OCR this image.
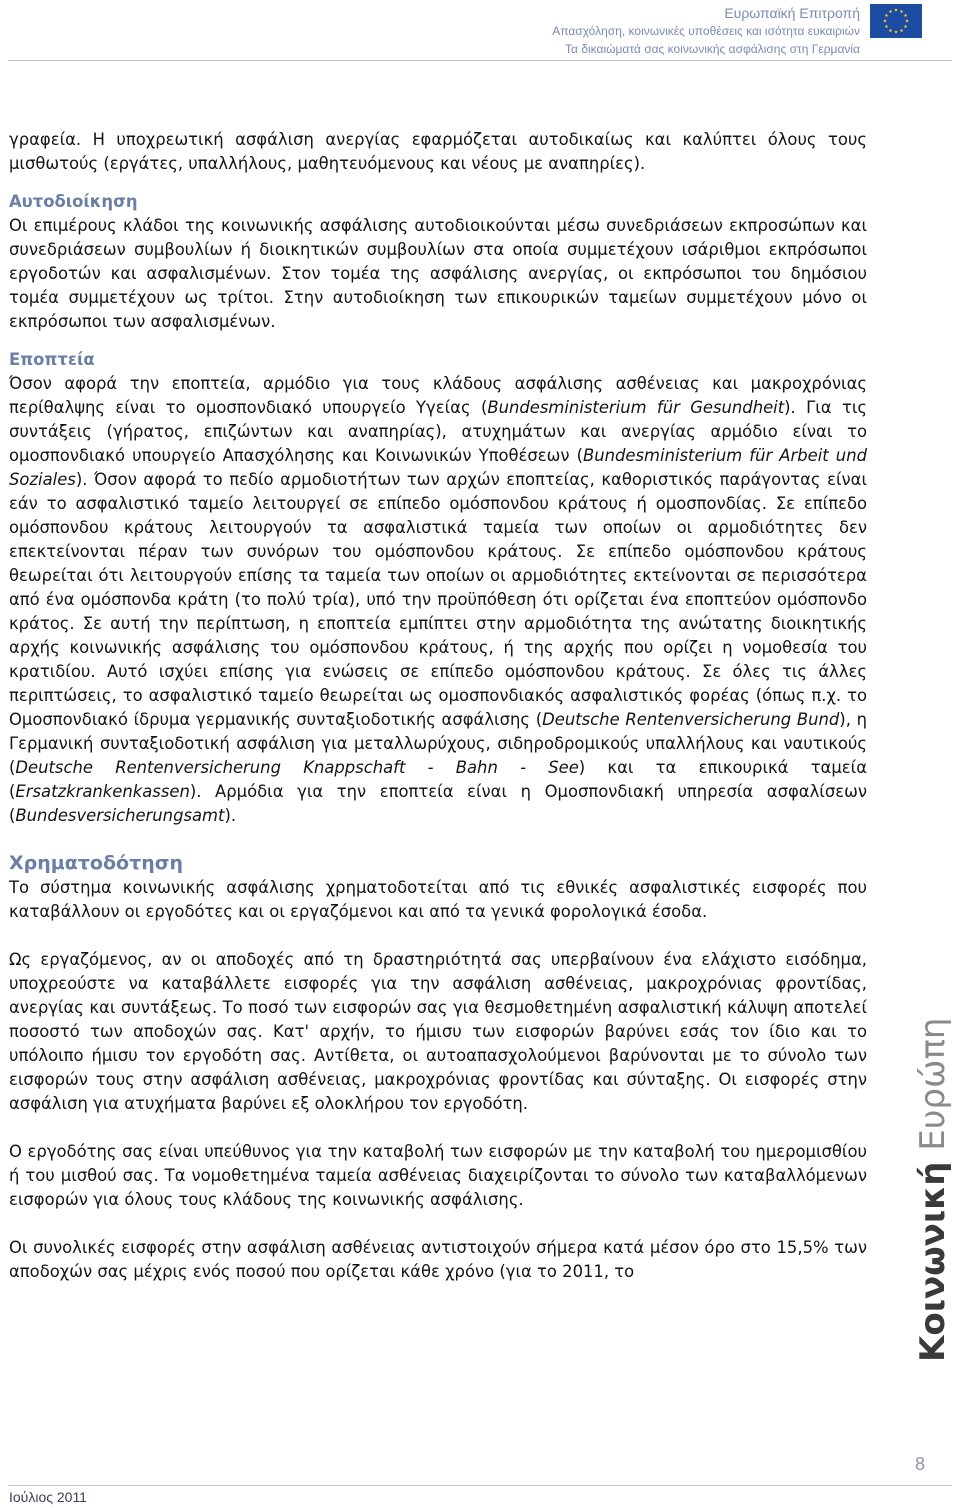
Ευρωπαϊκή Επιτροπή
Απασχόληση, κοινωνικές υποθέσεις και ισότητα ευκαιριών
Τα δικαιώματά σας κοινωνικής ασφάλισης στη Γερμανία

γραφεία. Η υποχρεωτική ασφάλιση ανεργίας εφαρμόζεται αυτοδικαίως και καλύπτει όλους τους μισθωτούς (εργάτες, υπαλλήλους, μαθητευόμενους και νέους με αναπηρίες).

Αυτοδιοίκηση

Οι επιμέρους κλάδοι της κοινωνικής ασφάλισης αυτοδιοικούνται μέσω συνεδριάσεων εκπροσώπων και συνεδριάσεων συμβουλίων ή διοικητικών συμβουλίων στα οποία συμμετέχουν ισάριθμοι εκπρόσωποι εργοδοτών και ασφαλισμένων. Στον τομέα της ασφάλισης ανεργίας, οι εκπρόσωποι του δημόσιου τομέα συμμετέχουν ως τρίτοι. Στην αυτοδιοίκηση των επικουρικών ταμείων συμμετέχουν μόνο οι εκπρόσωποι των ασφαλισμένων.

Εποπτεία

Όσον αφορά την εποπτεία, αρμόδιο για τους κλάδους ασφάλισης ασθένειας και μακροχρόνιας περίθαλψης είναι το ομοσπονδιακό υπουργείο Υγείας (Bundesministerium für Gesundheit). Για τις συντάξεις (γήρατος, επιζώντων και αναπηρίας), ατυχημάτων και ανεργίας αρμόδιο είναι το ομοσπονδιακό υπουργείο Απασχόλησης και Κοινωνικών Υποθέσεων (Bundesministerium für Arbeit und Soziales). Όσον αφορά το πεδίο αρμοδιοτήτων των αρχών εποπτείας, καθοριστικός παράγοντας είναι εάν το ασφαλιστικό ταμείο λειτουργεί σε επίπεδο ομόσπονδου κράτους ή ομοσπονδίας. Σε επίπεδο ομόσπονδου κράτους λειτουργούν τα ασφαλιστικά ταμεία των οποίων οι αρμοδιότητες δεν επεκτείνονται πέραν των συνόρων του ομόσπονδου κράτους. Σε επίπεδο ομόσπονδου κράτους θεωρείται ότι λειτουργούν επίσης τα ταμεία των οποίων οι αρμοδιότητες εκτείνονται σε περισσότερα από ένα ομόσπονδα κράτη (το πολύ τρία), υπό την προϋπόθεση ότι ορίζεται ένα εποπτεύον ομόσπονδο κράτος. Σε αυτή την περίπτωση, η εποπτεία εμπίπτει στην αρμοδιότητα της ανώτατης διοικητικής αρχής κοινωνικής ασφάλισης του ομόσπονδου κράτους, ή της αρχής που ορίζει η νομοθεσία του κρατιδίου. Αυτό ισχύει επίσης για ενώσεις σε επίπεδο ομόσπονδου κράτους. Σε όλες τις άλλες περιπτώσεις, το ασφαλιστικό ταμείο θεωρείται ως ομοσπονδιακός ασφαλιστικός φορέας (όπως π.χ. το Ομοσπονδιακό ίδρυμα γερμανικής συνταξιοδοτικής ασφάλισης (Deutsche Rentenversicherung Bund), η Γερμανική συνταξιοδοτική ασφάλιση για μεταλλωρύχους, σιδηροδρομικούς υπαλλήλους και ναυτικούς (Deutsche Rentenversicherung Knappschaft - Bahn - See) και τα επικουρικά ταμεία (Ersatzkrankenkassen). Αρμόδια για την εποπτεία είναι η Ομοσπονδιακή υπηρεσία ασφαλίσεων (Bundesversicherungsamt).

Χρηματοδότηση

Το σύστημα κοινωνικής ασφάλισης χρηματοδοτείται από τις εθνικές ασφαλιστικές εισφορές που καταβάλλουν οι εργοδότες και οι εργαζόμενοι και από τα γενικά φορολογικά έσοδα.

Ως εργαζόμενος, αν οι αποδοχές από τη δραστηριότητά σας υπερβαίνουν ένα ελάχιστο εισόδημα, υποχρεούστε να καταβάλλετε εισφορές για την ασφάλιση ασθένειας, μακροχρόνιας φροντίδας, ανεργίας και συντάξεως. Το ποσό των εισφορών σας για θεσμοθετημένη ασφαλιστική κάλυψη αποτελεί ποσοστό των αποδοχών σας. Κατ' αρχήν, το ήμισυ των εισφορών βαρύνει εσάς τον ίδιο και το υπόλοιπο ήμισυ τον εργοδότη σας. Αντίθετα, οι αυτοαπασχολούμενοι βαρύνονται με το σύνολο των εισφορών τους στην ασφάλιση ασθένειας, μακροχρόνιας φροντίδας και σύνταξης. Οι εισφορές στην ασφάλιση για ατυχήματα βαρύνει εξ ολοκλήρου τον εργοδότη.

Ο εργοδότης σας είναι υπεύθυνος για την καταβολή των εισφορών με την καταβολή του ημερομισθίου ή του μισθού σας. Τα νομοθετημένα ταμεία ασθένειας διαχειρίζονται το σύνολο των καταβαλλόμενων εισφορών για όλους τους κλάδους της κοινωνικής ασφάλισης.

Οι συνολικές εισφορές στην ασφάλιση ασθένειας αντιστοιχούν σήμερα κατά μέσον όρο στο 15,5% των αποδοχών σας μέχρις ενός ποσού που ορίζεται κάθε χρόνο (για το 2011, το	Κοινωνική Ευρώπη
8
Ιούλιος 2011
